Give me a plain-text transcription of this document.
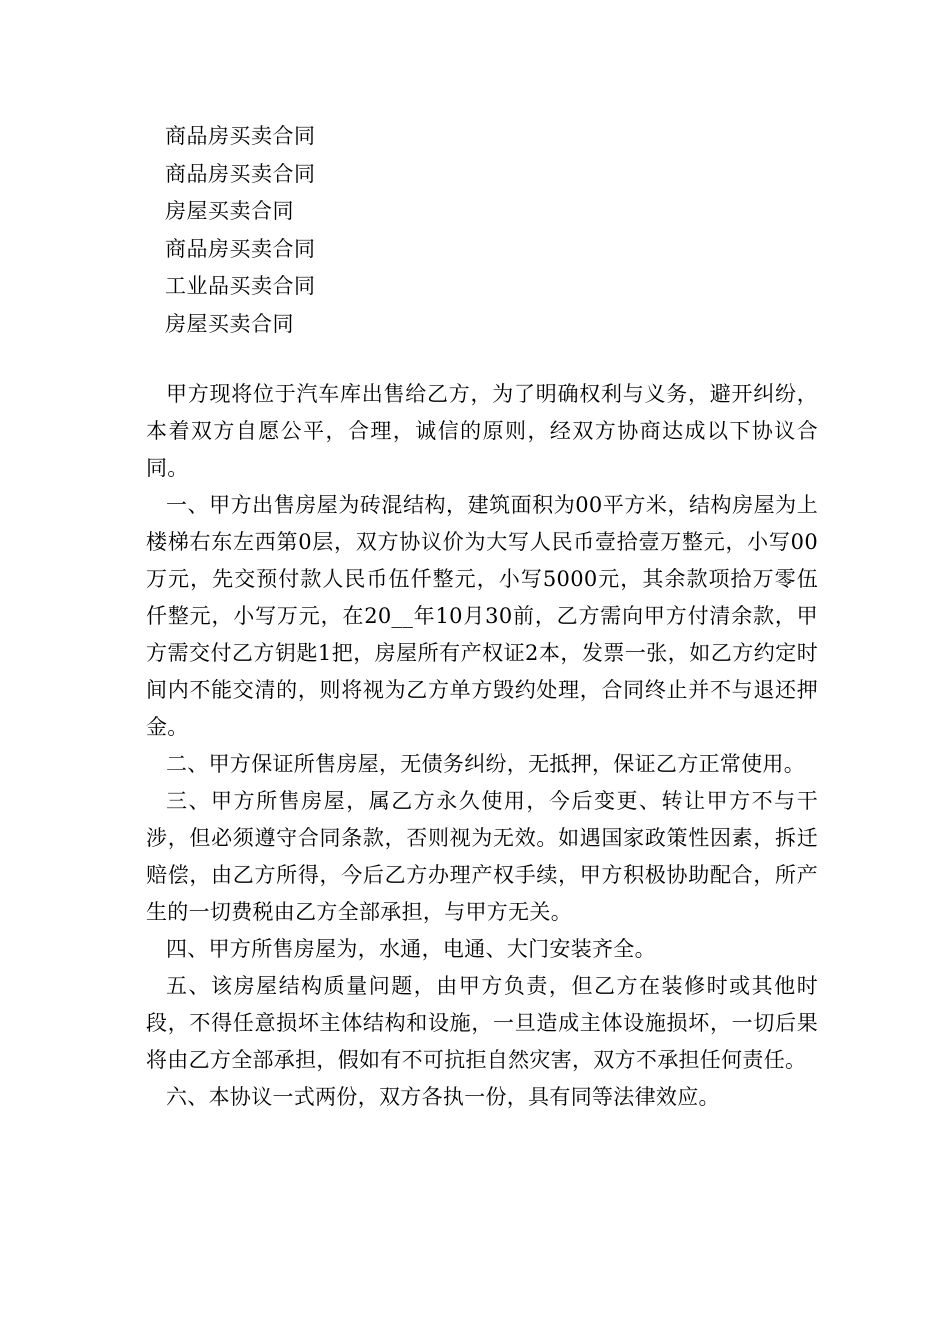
商品房买卖合同
商品房买卖合同
房屋买卖合同
商品房买卖合同
工业品买卖合同
房屋买卖合同

甲方现将位于汽车库出售给乙方，为了明确权利与义务，避开纠纷，本着双方自愿公平，合理，诚信的原则，经双方协商达成以下协议合同。

一、甲方出售房屋为砖混结构，建筑面积为00平方米，结构房屋为上楼梯右东左西第0层，双方协议价为大写人民币壹拾壹万整元，小写00万元，先交预付款人民币伍仟整元，小写5000元，其余款项拾万零伍仟整元，小写万元，在20__年10月30前，乙方需向甲方付清余款，甲方需交付乙方钥匙1把，房屋所有产权证2本，发票一张，如乙方约定时间内不能交清的，则将视为乙方单方毁约处理，合同终止并不与退还押金。

二、甲方保证所售房屋，无债务纠纷，无抵押，保证乙方正常使用。

三、甲方所售房屋，属乙方永久使用，今后变更、转让甲方不与干涉，但必须遵守合同条款，否则视为无效。如遇国家政策性因素，拆迁赔偿，由乙方所得，今后乙方办理产权手续，甲方积极协助配合，所产生的一切费税由乙方全部承担，与甲方无关。

四、甲方所售房屋为，水通，电通、大门安装齐全。

五、该房屋结构质量问题，由甲方负责，但乙方在装修时或其他时段，不得任意损坏主体结构和设施，一旦造成主体设施损坏，一切后果将由乙方全部承担，假如有不可抗拒自然灾害，双方不承担任何责任。

六、本协议一式两份，双方各执一份，具有同等法律效应。
